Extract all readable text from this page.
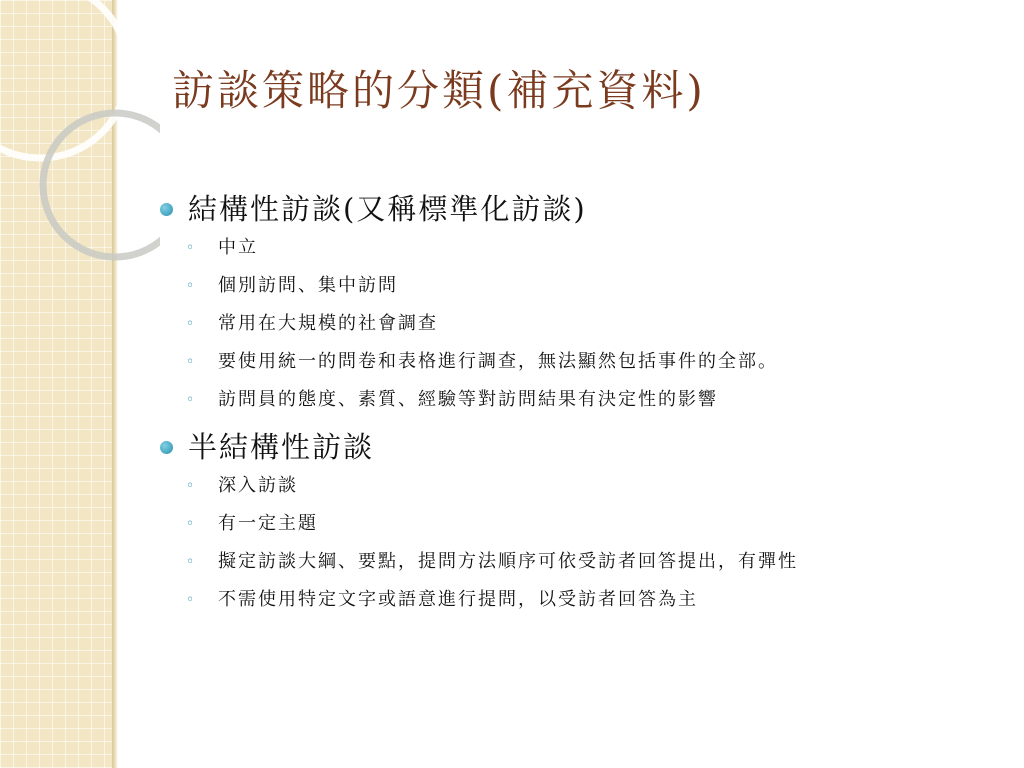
訪談策略的分類(補充資料)
結構性訪談(又稱標準化訪談)
◦ 中立
◦ 個別訪問、集中訪問
◦ 常用在大規模的社會調查
◦ 要使用統一的問卷和表格進行調查，無法顯然包括事件的全部。
◦ 訪問員的態度、素質、經驗等對訪問結果有決定性的影響
半結構性訪談
◦ 深入訪談
◦ 有一定主題
◦ 擬定訪談大綱、要點，提問方法順序可依受訪者回答提出，有彈性
◦ 不需使用特定文字或語意進行提問，以受訪者回答為主
